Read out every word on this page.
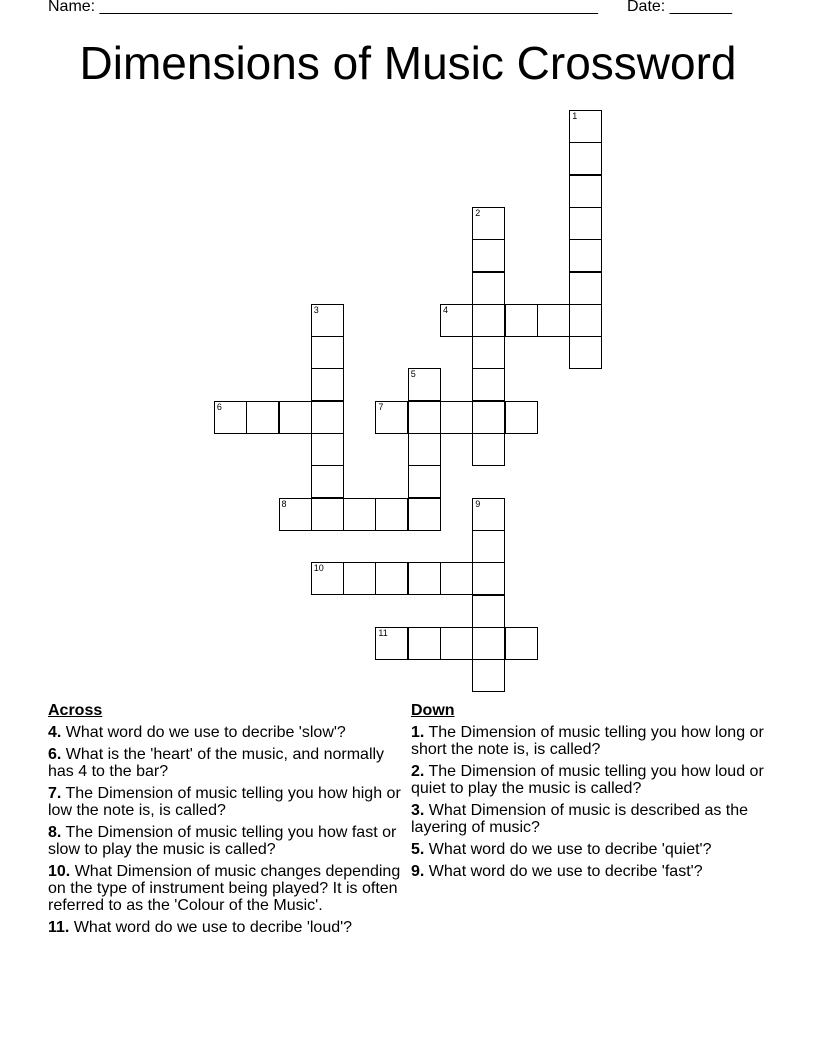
Name: ________________________________________________________ Date: _______
Dimensions of Music Crossword
1
2
3	4
5
6	7
8	9
10
11
Across
4. What word do we use to decribe 'slow'?
6. What is the 'heart' of the music, and normally has 4 to the bar?
7. The Dimension of music telling you how high or low the note is, is called?
8. The Dimension of music telling you how fast or slow to play the music is called?
10. What Dimension of music changes depending on the type of instrument being played? It is often referred to as the 'Colour of the Music'.
11. What word do we use to decribe 'loud'?
Down
1. The Dimension of music telling you how long or short the note is, is called?
2. The Dimension of music telling you how loud or quiet to play the music is called?
3. What Dimension of music is described as the layering of music?
5. What word do we use to decribe 'quiet'?
9. What word do we use to decribe 'fast'?
